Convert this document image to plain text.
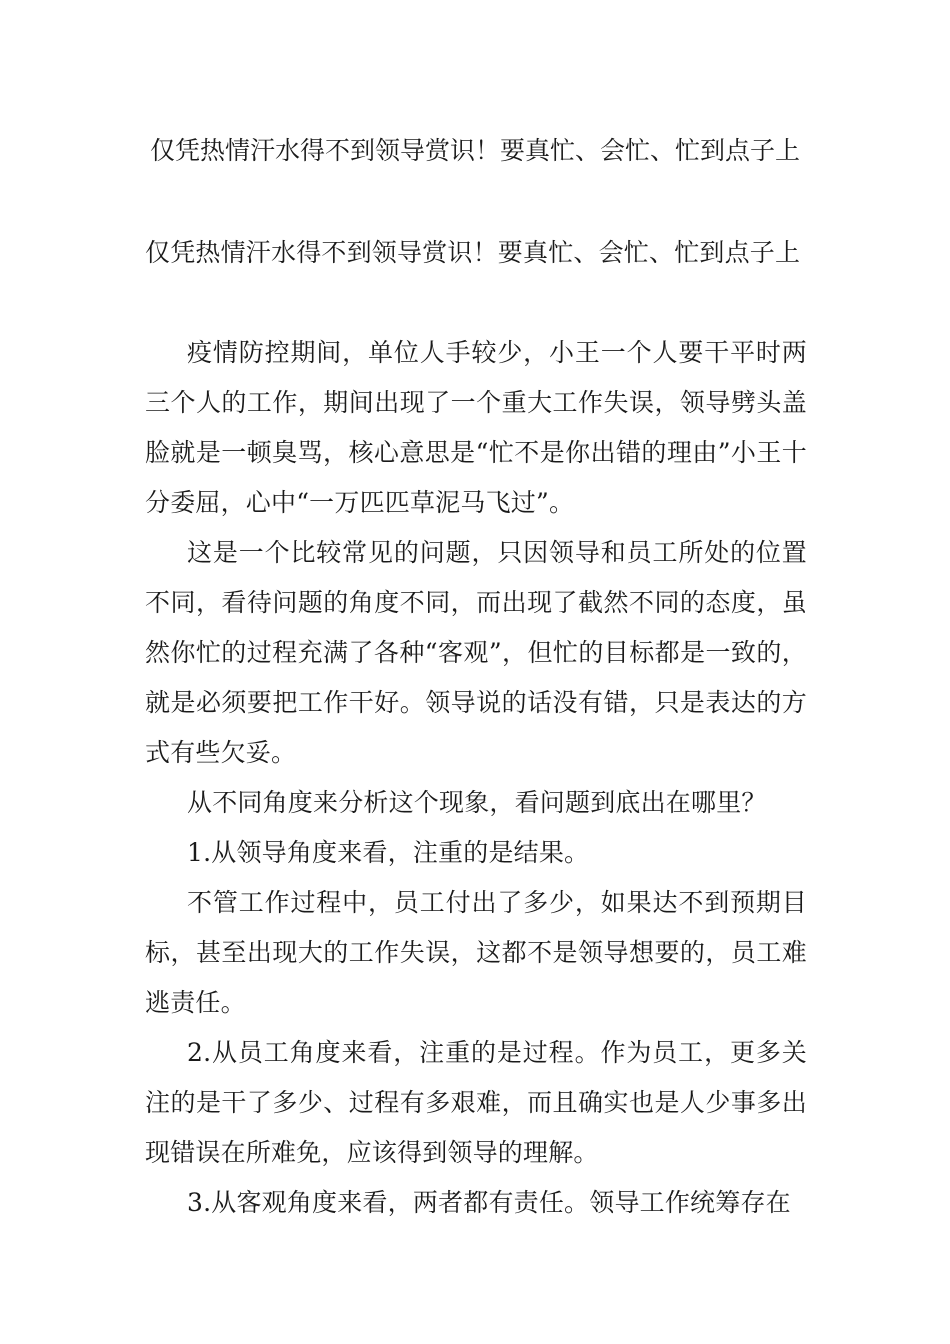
仅凭热情汗水得不到领导赏识！要真忙、会忙、忙到点子上

仅凭热情汗水得不到领导赏识！要真忙、会忙、忙到点子上

疫情防控期间，单位人手较少，小王一个人要干平时两三个人的工作，期间出现了一个重大工作失误，领导劈头盖脸就是一顿臭骂，核心意思是“忙不是你出错的理由”小王十分委屈，心中“一万匹匹草泥马飞过”。

这是一个比较常见的问题，只因领导和员工所处的位置不同，看待问题的角度不同，而出现了截然不同的态度，虽然你忙的过程充满了各种“客观”，但忙的目标都是一致的，就是必须要把工作干好。领导说的话没有错，只是表达的方式有些欠妥。

从不同角度来分析这个现象，看问题到底出在哪里？

1.从领导角度来看，注重的是结果。

不管工作过程中，员工付出了多少，如果达不到预期目标，甚至出现大的工作失误，这都不是领导想要的，员工难逃责任。

2.从员工角度来看，注重的是过程。作为员工，更多关注的是干了多少、过程有多艰难，而且确实也是人少事多出现错误在所难免，应该得到领导的理解。

3.从客观角度来看，两者都有责任。领导工作统筹存在
